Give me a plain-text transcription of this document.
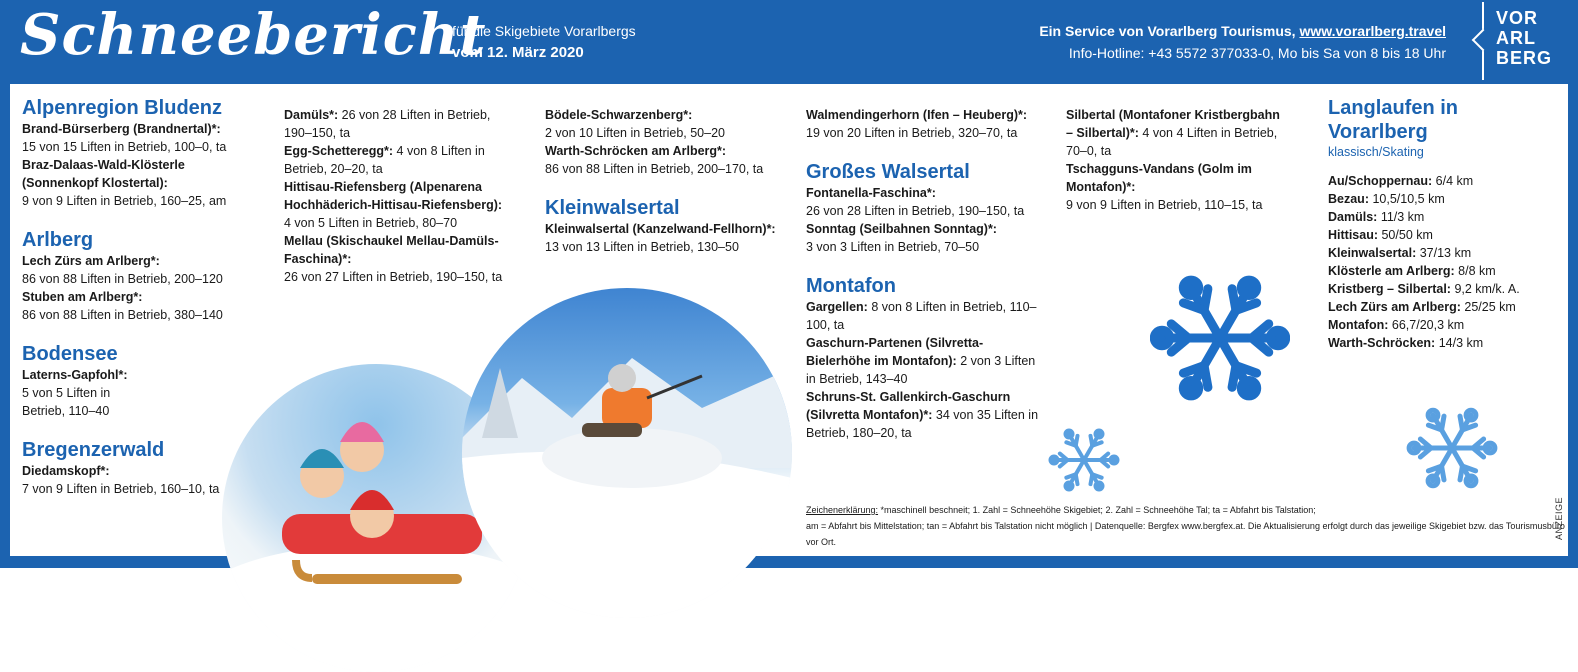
Schneebericht
für die Skigebiete Vorarlbergs
vom 12. März 2020
Ein Service von Vorarlberg Tourismus, www.vorarlberg.travel
Info-Hotline: +43 5572 377033-0, Mo bis Sa von 8 bis 18 Uhr
VOR
ARL
BERG
Alpenregion Bludenz
Brand-Bürserberg (Brandnertal)*:
15 von 15 Liften in Betrieb, 100–0, ta
Braz-Dalaas-Wald-Klösterle (Sonnenkopf Klostertal):
9 von 9 Liften in Betrieb, 160–25, am
Arlberg
Lech Zürs am Arlberg*:
86 von 88 Liften in Betrieb, 200–120
Stuben am Arlberg*:
86 von 88 Liften in Betrieb, 380–140
Bodensee
Laterns-Gapfohl*:
5 von 5 Liften in Betrieb, 110–40
Bregenzerwald
Diedamskopf*:
7 von 9 Liften in Betrieb, 160–10, ta
Damüls*: 26 von 28 Liften in Betrieb, 190–150, ta
Egg-Schetteregg*: 4 von 8 Liften in Betrieb, 20–20, ta
Hittisau-Riefensberg (Alpenarena Hochhäderich-Hittisau-Riefensberg):
4 von 5 Liften in Betrieb, 80–70
Mellau (Skischaukel Mellau-Damüls-Faschina)*:
26 von 27 Liften in Betrieb, 190–150, ta
Bödele-Schwarzenberg*:
2 von 10 Liften in Betrieb, 50–20
Warth-Schröcken am Arlberg*:
86 von 88 Liften in Betrieb, 200–170, ta
Kleinwalsertal
Kleinwalsertal (Kanzelwand-Fellhorn)*:
13 von 13 Liften in Betrieb, 130–50
Walmendingerhorn (Ifen – Heuberg)*:
19 von 20 Liften in Betrieb, 320–70, ta
Großes Walsertal
Fontanella-Faschina*:
26 von 28 Liften in Betrieb, 190–150, ta
Sonntag (Seilbahnen Sonntag)*:
3 von 3 Liften in Betrieb, 70–50
Montafon
Gargellen: 8 von 8 Liften in Betrieb, 110–100, ta
Gaschurn-Partenen (Silvretta-Bielerhöhe im Montafon): 2 von 3 Liften in Betrieb, 143–40
Schruns-St. Gallenkirch-Gaschurn (Silvretta Montafon)*: 34 von 35 Liften in Betrieb, 180–20, ta
Silbertal (Montafoner Kristbergbahn – Silbertal)*: 4 von 4 Liften in Betrieb, 70–0, ta
Tschagguns-Vandans (Golm im Montafon)*:
9 von 9 Liften in Betrieb, 110–15, ta
Langlaufen in Vorarlberg
klassisch/Skating
Au/Schoppernau: 6/4 km
Bezau: 10,5/10,5 km
Damüls: 11/3 km
Hittisau: 50/50 km
Kleinwalsertal: 37/13 km
Klösterle am Arlberg: 8/8 km
Kristberg – Silbertal: 9,2 km/k. A.
Lech Zürs am Arlberg: 25/25 km
Montafon: 66,7/20,3 km
Warth-Schröcken: 14/3 km
Zeichenerklärung: *maschinell beschneit; 1. Zahl = Schneehöhe Skigebiet; 2. Zahl = Schneehöhe Tal; ta = Abfahrt bis Talstation;
am = Abfahrt bis Mittelstation; tan = Abfahrt bis Talstation nicht möglich | Datenquelle: Bergfex www.bergfex.at. Die Aktualisierung erfolgt durch das jeweilige Skigebiet bzw. das Tourismusbüro vor Ort.
ANZEIGE
